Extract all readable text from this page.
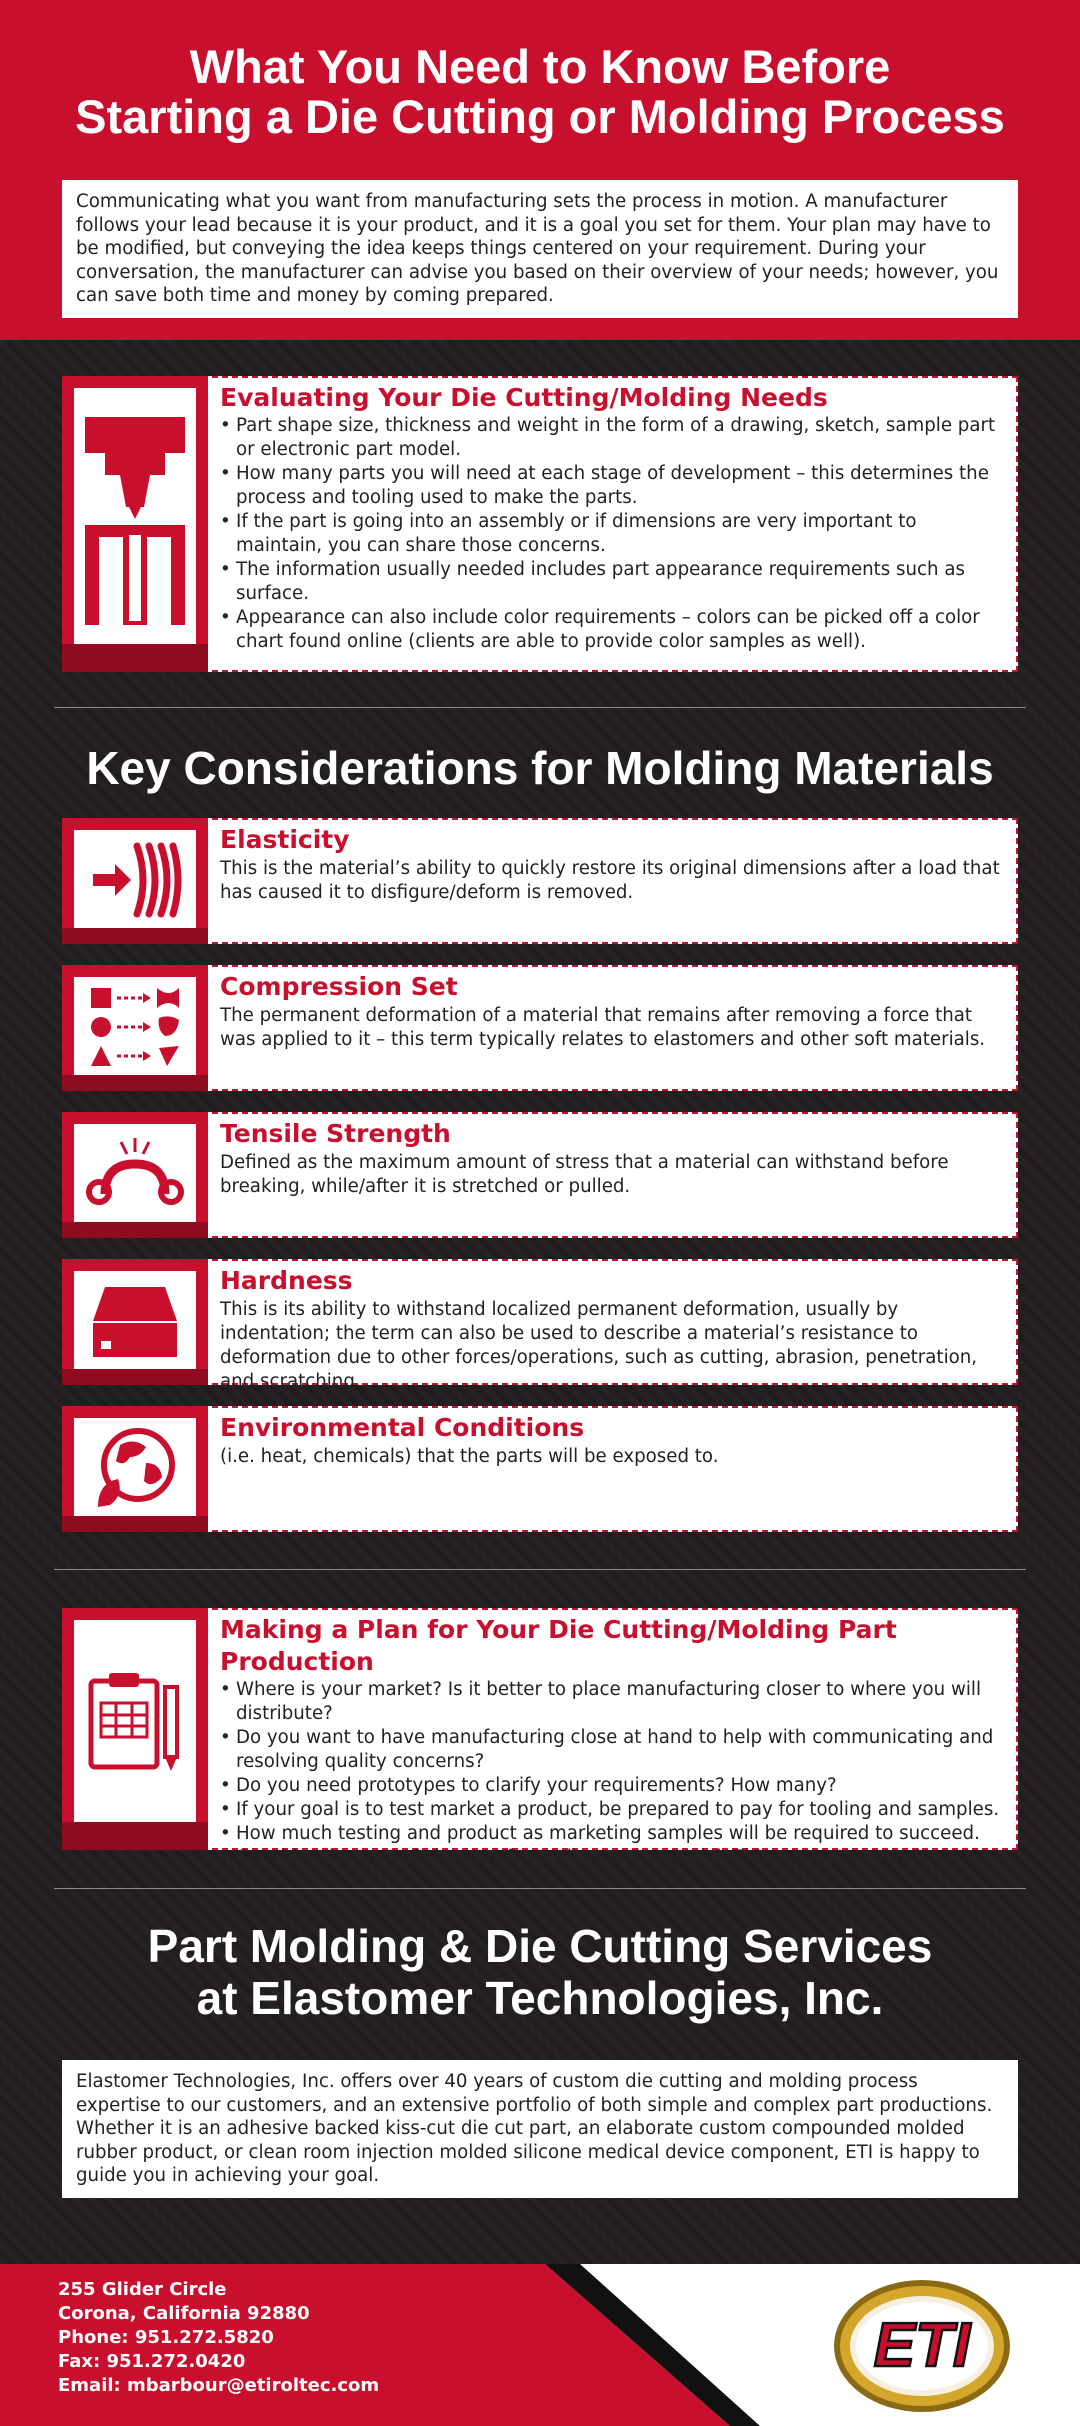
What You Need to Know Before
Starting a Die Cutting or Molding Process
Communicating what you want from manufacturing sets the process in motion. A manufacturer follows your lead because it is your product, and it is a goal you set for them. Your plan may have to be modified, but conveying the idea keeps things centered on your requirement. During your conversation, the manufacturer can advise you based on their overview of your needs; however, you can save both time and money by coming prepared.
Evaluating Your Die Cutting/Molding Needs
• Part shape size, thickness and weight in the form of a drawing, sketch, sample part or electronic part model.
• How many parts you will need at each stage of development – this determines the process and tooling used to make the parts.
• If the part is going into an assembly or if dimensions are very important to maintain, you can share those concerns.
• The information usually needed includes part appearance requirements such as surface.
• Appearance can also include color requirements – colors can be picked off a color chart found online (clients are able to provide color samples as well).
Key Considerations for Molding Materials
Elasticity

This is the material’s ability to quickly restore its original dimensions after a load that has caused it to disfigure/deform is removed.

Compression Set

The permanent deformation of a material that remains after removing a force that was applied to it – this term typically relates to elastomers and other soft materials.

Tensile Strength

Defined as the maximum amount of stress that a material can withstand before breaking, while/after it is stretched or pulled.

Hardness

This is its ability to withstand localized permanent deformation, usually by indentation; the term can also be used to describe a material’s resistance to deformation due to other forces/operations, such as cutting, abrasion, penetration, and scratching.

Environmental Conditions

(i.e. heat, chemicals) that the parts will be exposed to.

Making a Plan for Your Die Cutting/Molding Part Production
• Where is your market? Is it better to place manufacturing closer to where you will distribute?
• Do you want to have manufacturing close at hand to help with communicating and resolving quality concerns?
• Do you need prototypes to clarify your requirements? How many?
• If your goal is to test market a product, be prepared to pay for tooling and samples.
• How much testing and product as marketing samples will be required to succeed.
• Consider the cost of changes for tooling and material. This can get expensive.
Part Molding & Die Cutting Services
at Elastomer Technologies, Inc.
Elastomer Technologies, Inc. offers over 40 years of custom die cutting and molding process expertise to our customers, and an extensive portfolio of both simple and complex part productions. Whether it is an adhesive backed kiss-cut die cut part, an elaborate custom compounded molded rubber product, or clean room injection molded silicone medical device component, ETI is happy to guide you in achieving your goal.
255 Glider Circle
Corona, California 92880
Phone: 951.272.5820
Fax: 951.272.0420
Email: mbarbour@etiroltec.com
ETI
